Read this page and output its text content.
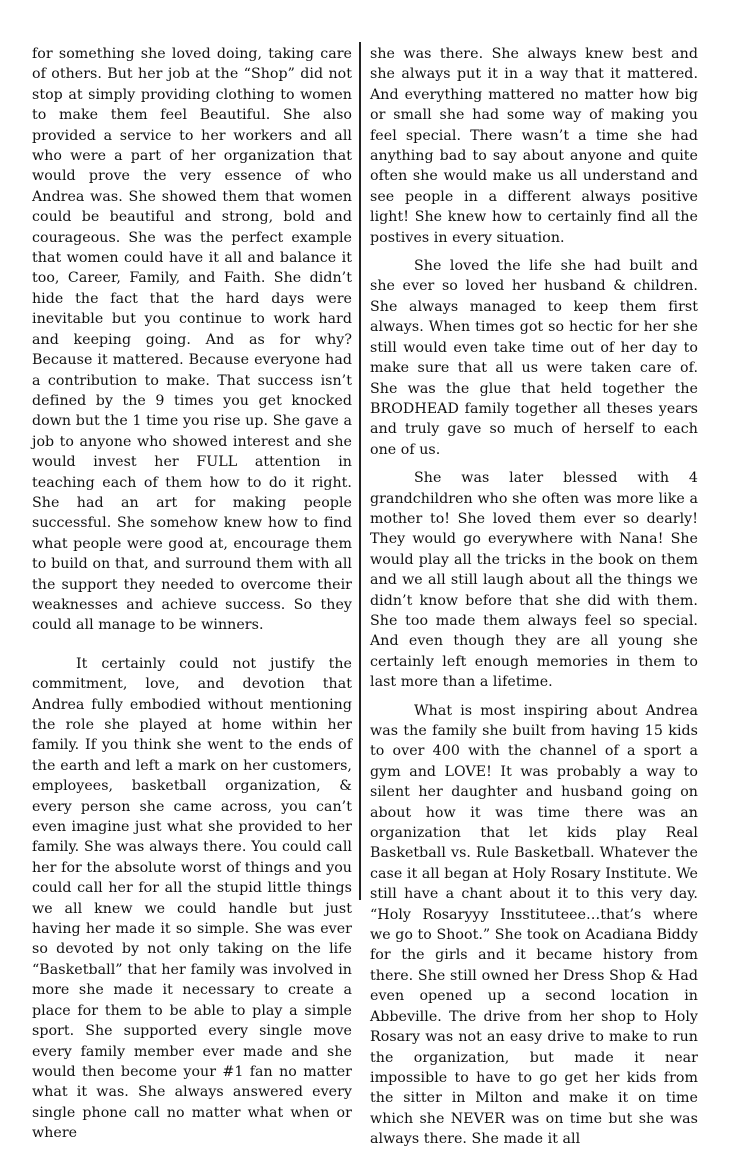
for something she loved doing, taking care of others. But her job at the “Shop” did not stop at simply providing clothing to women to make them feel Beautiful. She also provided a service to her workers and all who were a part of her organization that would prove the very essence of who Andrea was. She showed them that women could be beautiful and strong, bold and courageous. She was the perfect example that women could have it all and balance it too, Career, Family, and Faith. She didn’t hide the fact that the hard days were inevitable but you continue to work hard and keeping going. And as for why? Because it mattered. Because everyone had a contribution to make. That success isn’t defined by the 9 times you get knocked down but the 1 time you rise up. She gave a job to anyone who showed interest and she would invest her FULL attention in teaching each of them how to do it right. She had an art for making people successful. She somehow knew how to find what people were good at, encourage them to build on that, and surround them with all the support they needed to overcome their weaknesses and achieve success. So they could all manage to be winners.

It certainly could not justify the commitment, love, and devotion that Andrea fully embodied without mentioning the role she played at home within her family. If you think she went to the ends of the earth and left a mark on her customers, employees, basketball organization, & every person she came across, you can’t even imagine just what she provided to her family. She was always there. You could call her for the absolute worst of things and you could call her for all the stupid little things we all knew we could handle but just having her made it so simple. She was ever so devoted by not only taking on the life “Basketball” that her family was involved in more she made it necessary to create a place for them to be able to play a simple sport. She supported every single move every family member ever made and she would then become your #1 fan no matter what it was. She always answered every single phone call no matter what when or where

she was there. She always knew best and she always put it in a way that it mattered. And everything mattered no matter how big or small she had some way of making you feel special. There wasn’t a time she had anything bad to say about anyone and quite often she would make us all understand and see people in a different always positive light! She knew how to certainly find all the postives in every situation.

She loved the life she had built and she ever so loved her husband & children. She always managed to keep them first always. When times got so hectic for her she still would even take time out of her day to make sure that all us were taken care of. She was the glue that held together the BRODHEAD family together all theses years and truly gave so much of herself to each one of us.

She was later blessed with 4 grandchildren who she often was more like a mother to! She loved them ever so dearly! They would go everywhere with Nana! She would play all the tricks in the book on them and we all still laugh about all the things we didn’t know before that she did with them. She too made them always feel so special. And even though they are all young she certainly left enough memories in them to last more than a lifetime.

What is most inspiring about Andrea was the family she built from having 15 kids to over 400 with the channel of a sport a gym and LOVE! It was probably a way to silent her daughter and husband going on about how it was time there was an organization that let kids play Real Basketball vs. Rule Basketball. Whatever the case it all began at Holy Rosary Institute. We still have a chant about it to this very day. “Holy Rosaryyy Insstituteee…that’s where we go to Shoot.” She took on Acadiana Biddy for the girls and it became history from there. She still owned her Dress Shop & Had even opened up a second location in Abbeville. The drive from her shop to Holy Rosary was not an easy drive to make to run the organization, but made it near impossible to have to go get her kids from the sitter in Milton and make it on time which she NEVER was on time but she was always there. She made it all
